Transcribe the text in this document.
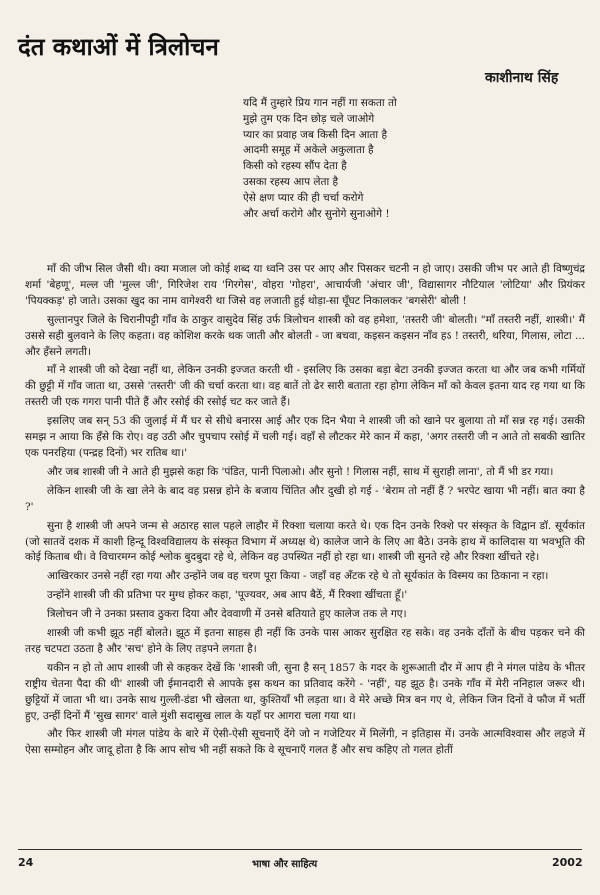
दंत कथाओं में त्रिलोचन
काशीनाथ सिंह
यदि मैं तुम्हारे प्रिय गान नहीं गा सकता तो
मुझे तुम एक दिन छोड़ चले जाओगे
प्यार का प्रवाह जब किसी दिन आता है
आदमी समूह में अकेले अकुलाता है
किसी को रहस्य सौंप देता है
उसका रहस्य आप लेता है
ऐसे क्षण प्यार की ही चर्चा करोगे
और अर्चा करोगे और सुनोगे सुनाओगे !

माँ की जीभ सिल जैसी थी। क्या मजाल जो कोई शब्द या ध्वनि उस पर आए और पिसकर चटनी न हो जाए। उसकी जीभ पर आते ही विष्णुचंद्र शर्मा 'बेहणू', मल्ल जी 'मुल्ल जी', गिरिजेश राय 'गिरगेस', वोहरा 'गोहरा', आचार्यजी 'अंचार जी', विद्यासागर नौटियाल 'लोटिया' और प्रियंकर 'पियक्कड़' हो जाते। उसका खुद का नाम वागेश्वरी था जिसे वह लजाती हुई थोड़ा-सा घूँघट निकालकर 'बगसेरी' बोली !

सुल्तानपुर जिले के चिरानीपट्टी गाँव के ठाकुर वासुदेव सिंह उर्फ त्रिलोचन शास्त्री को वह हमेशा, 'तस्तरी जी' बोलती। "माँ तस्तरी नहीं, शास्त्री।' मैं उससे सही बुलवाने के लिए कहता। वह कोशिश करके थक जाती और बोलती - जा बचवा, कइसन कइसन नाँव हऽ ! तस्तरी, थरिया, गिलास, लोटा ... और हँसने लगती।

माँ ने शास्त्री जी को देखा नहीं था, लेकिन उनकी इज्जत करती थी - इसलिए कि उसका बड़ा बेटा उनकी इज्जत करता था और जब कभी गर्मियों की छुट्टी में गाँव जाता था, उससे 'तस्तरी' जी की चर्चा करता था। वह बातें तो ढेर सारी बताता रहा होगा लेकिन माँ को केवल इतना याद रह गया था कि तस्तरी जी एक गगरा पानी पीते हैं और रसोई की रसोई चट कर जाते हैं।

इसलिए जब सन् 53 की जुलाई में मैं घर से सीधे बनारस आई और एक दिन भैया ने शास्त्री जी को खाने पर बुलाया तो माँ सन्न रह गई। उसकी समझ न आया कि हँसे कि रोए। वह उठी और चुपचाप रसोई में चली गई। वहाँ से लौटकर मेरे कान में कहा, 'अगर तस्तरी जी न आते तो सबकी खातिर एक पनरहिया (पन्द्रह दिनों) भर रातिब था।'

और जब शास्त्री जी ने आते ही मुझसे कहा कि 'पंडित, पानी पिलाओ। और सुनो ! गिलास नहीं, साथ में सुराही लाना', तो मैं भी डर गया।

लेकिन शास्त्री जी के खा लेने के बाद वह प्रसन्न होने के बजाय चिंतित और दुखी हो गई - 'बेराम तो नहीं हैं ? भरपेट खाया भी नहीं। बात क्या है ?'

सुना है शास्त्री जी अपने जन्म से अठारह साल पहले लाहौर में रिक्शा चलाया करते थे। एक दिन उनके रिक्शे पर संस्कृत के विद्वान डॉ. सूर्यकांत (जो सातवें दशक में काशी हिन्दू विश्वविद्यालय के संस्कृत विभाग में अध्यक्ष थे) कालेज जाने के लिए आ बैठे। उनके हाथ में कालिदास या भवभूति की कोई किताब थी। वे विचारमग्न कोई श्लोक बुदबुदा रहे थे, लेकिन वह उपस्थित नहीं हो रहा था। शास्त्री जी सुनते रहे और रिक्शा खींचते रहे।

आखिरकार उनसे नहीं रहा गया और उन्होंने जब वह चरण पूरा किया - जहाँ वह अँटक रहे थे तो सूर्यकांत के विस्मय का ठिकाना न रहा।

उन्होंने शास्त्री जी की प्रतिभा पर मुग्ध होकर कहा, 'पूज्यवर, अब आप बैठें, मैं रिक्शा खींचता हूँ।'

त्रिलोचन जी ने उनका प्रस्ताव ठुकरा दिया और देववाणी में उनसे बतियाते हुए कालेज तक ले गए।

शास्त्री जी कभी झूठ नहीं बोलते। झूठ में इतना साहस ही नहीं कि उनके पास आकर सुरक्षित रह सके। वह उनके दाँतों के बीच पड़कर चने की तरह चटपटा उठता है और 'सच' होने के लिए तड़पने लगता है।

यकीन न हो तो आप शास्त्री जी से कहकर देखें कि 'शास्त्री जी, सुना है सन् 1857 के गदर के शुरूआती दौर में आप ही ने मंगल पांडेय के भीतर राष्ट्रीय चेतना पैदा की थी' शास्त्री जी ईमानदारी से आपके इस कथन का प्रतिवाद करेंगे - 'नहीं', यह झूठ है। उनके गाँव में मेरी ननिहाल जरूर थी। छुट्टियों में जाता भी था। उनके साथ गुल्ली-डंडा भी खेलता था, कुश्तियाँ भी लड़ता था। वे मेरे अच्छे मित्र बन गए थे, लेकिन जिन दिनों वे फौज में भर्ती हुए, उन्हीं दिनों मैं 'सुख सागर' वाले मुंशी सदासुख लाल के यहाँ पर आगरा चला गया था।

और फिर शास्त्री जी मंगल पांडेय के बारे में ऐसी-ऐसी सूचनाएँ देंगे जो न गजेटियर में मिलेंगी, न इतिहास में। उनके आत्मविश्वास और लहजे में ऐसा सम्मोहन और जादू होता है कि आप सोच भी नहीं सकते कि वे सूचनाएँ गलत हैं और सच कहिए तो गलत होतीं

24	भाषा और साहित्य	2002
